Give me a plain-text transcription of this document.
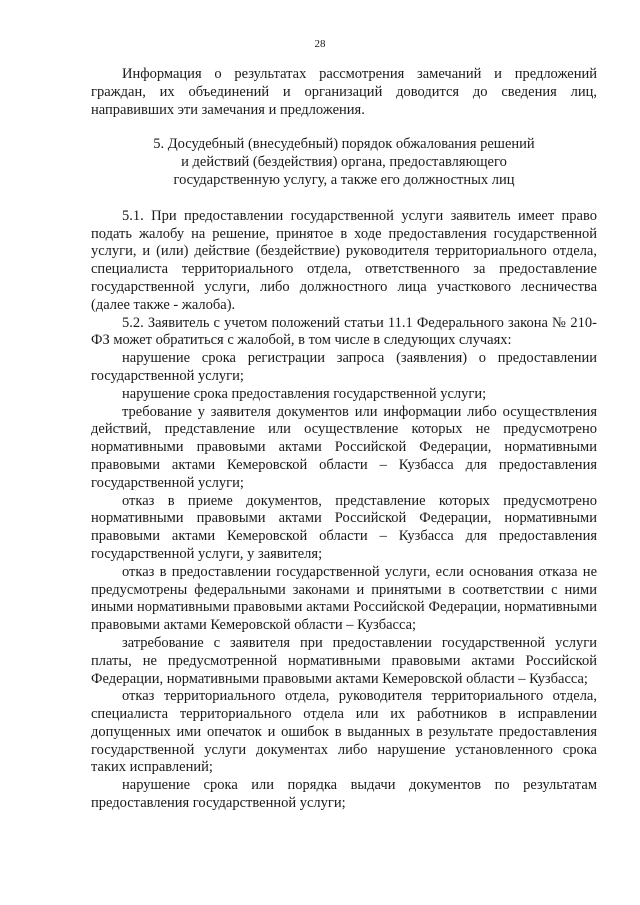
28

Информация о результатах рассмотрения замечаний и предложений граждан, их объединений и организаций доводится до сведения лиц, направивших эти замечания и предложения.

5. Досудебный (внесудебный) порядок обжалования решений
и действий (бездействия) органа, предоставляющего
государственную услугу, а также его должностных лиц

5.1. При предоставлении государственной услуги заявитель имеет право подать жалобу на решение, принятое в ходе предоставления государственной услуги, и (или) действие (бездействие) руководителя территориального отдела, специалиста территориального отдела, ответственного за предоставление государственной услуги, либо должностного лица участкового лесничества (далее также - жалоба).

5.2. Заявитель с учетом положений статьи 11.1 Федерального закона № 210-ФЗ может обратиться с жалобой, в том числе в следующих случаях:

нарушение срока регистрации запроса (заявления) о предоставлении государственной услуги;

нарушение срока предоставления государственной услуги;

требование у заявителя документов или информации либо осуществления действий, представление или осуществление которых не предусмотрено нормативными правовыми актами Российской Федерации, нормативными правовыми актами Кемеровской области – Кузбасса для предоставления государственной услуги;

отказ в приеме документов, представление которых предусмотрено нормативными правовыми актами Российской Федерации, нормативными правовыми актами Кемеровской области – Кузбасса для предоставления государственной услуги, у заявителя;

отказ в предоставлении государственной услуги, если основания отказа не предусмотрены федеральными законами и принятыми в соответствии с ними иными нормативными правовыми актами Российской Федерации, нормативными правовыми актами Кемеровской области – Кузбасса;

затребование с заявителя при предоставлении государственной услуги платы, не предусмотренной нормативными правовыми актами Российской Федерации, нормативными правовыми актами Кемеровской области – Кузбасса;

отказ территориального отдела, руководителя территориального отдела, специалиста территориального отдела или их работников в исправлении допущенных ими опечаток и ошибок в выданных в результате предоставления государственной услуги документах либо нарушение установленного срока таких исправлений;

нарушение срока или порядка выдачи документов по результатам предоставления государственной услуги;
